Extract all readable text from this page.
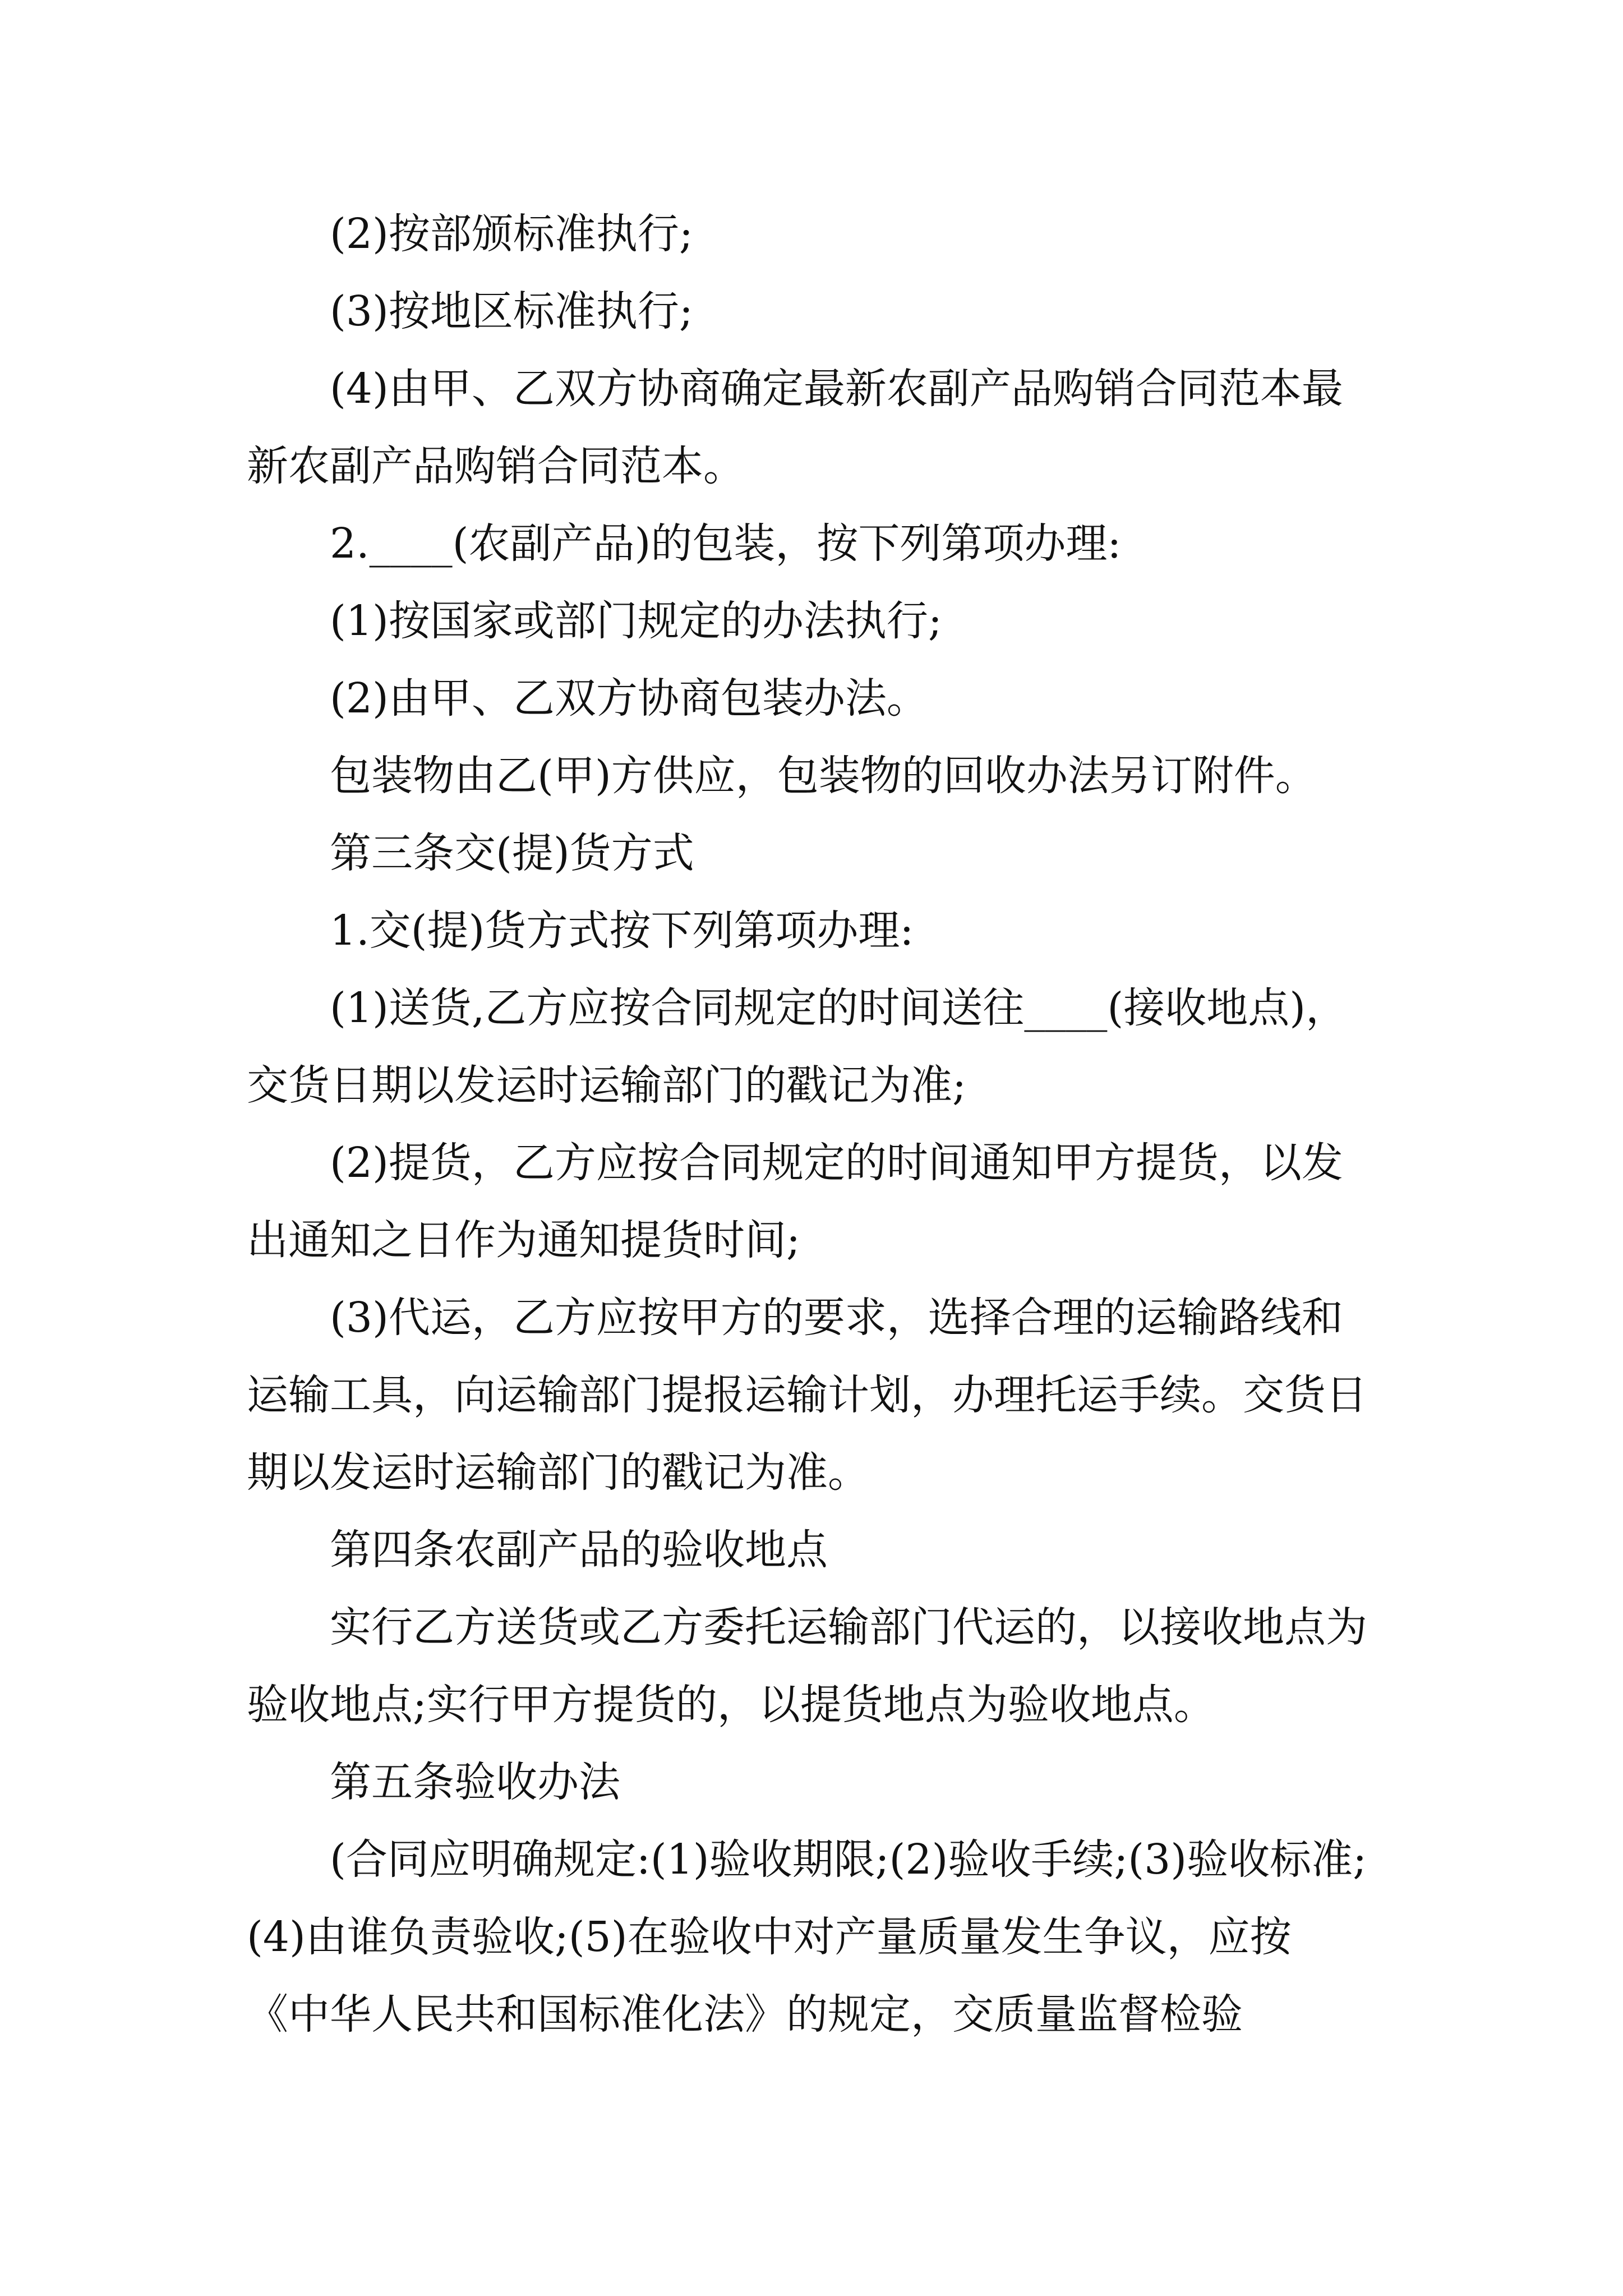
(2)按部颁标准执行;

(3)按地区标准执行;

(4)由甲、乙双方协商确定最新农副产品购销合同范本最新农副产品购销合同范本。

2.____(农副产品)的包装，按下列第项办理:

(1)按国家或部门规定的办法执行;

(2)由甲、乙双方协商包装办法。

包装物由乙(甲)方供应，包装物的回收办法另订附件。

第三条交(提)货方式

1.交(提)货方式按下列第项办理:

(1)送货,乙方应按合同规定的时间送往____(接收地点)，交货日期以发运时运输部门的戳记为准;

(2)提货，乙方应按合同规定的时间通知甲方提货，以发出通知之日作为通知提货时间;

(3)代运，乙方应按甲方的要求，选择合理的运输路线和运输工具，向运输部门提报运输计划，办理托运手续。交货日期以发运时运输部门的戳记为准。

第四条农副产品的验收地点

实行乙方送货或乙方委托运输部门代运的，以接收地点为验收地点;实行甲方提货的，以提货地点为验收地点。

第五条验收办法

(合同应明确规定:(1)验收期限;(2)验收手续;(3)验收标准;(4)由谁负责验收;(5)在验收中对产量质量发生争议，应按《中华人民共和国标准化法》的规定，交质量监督检验
